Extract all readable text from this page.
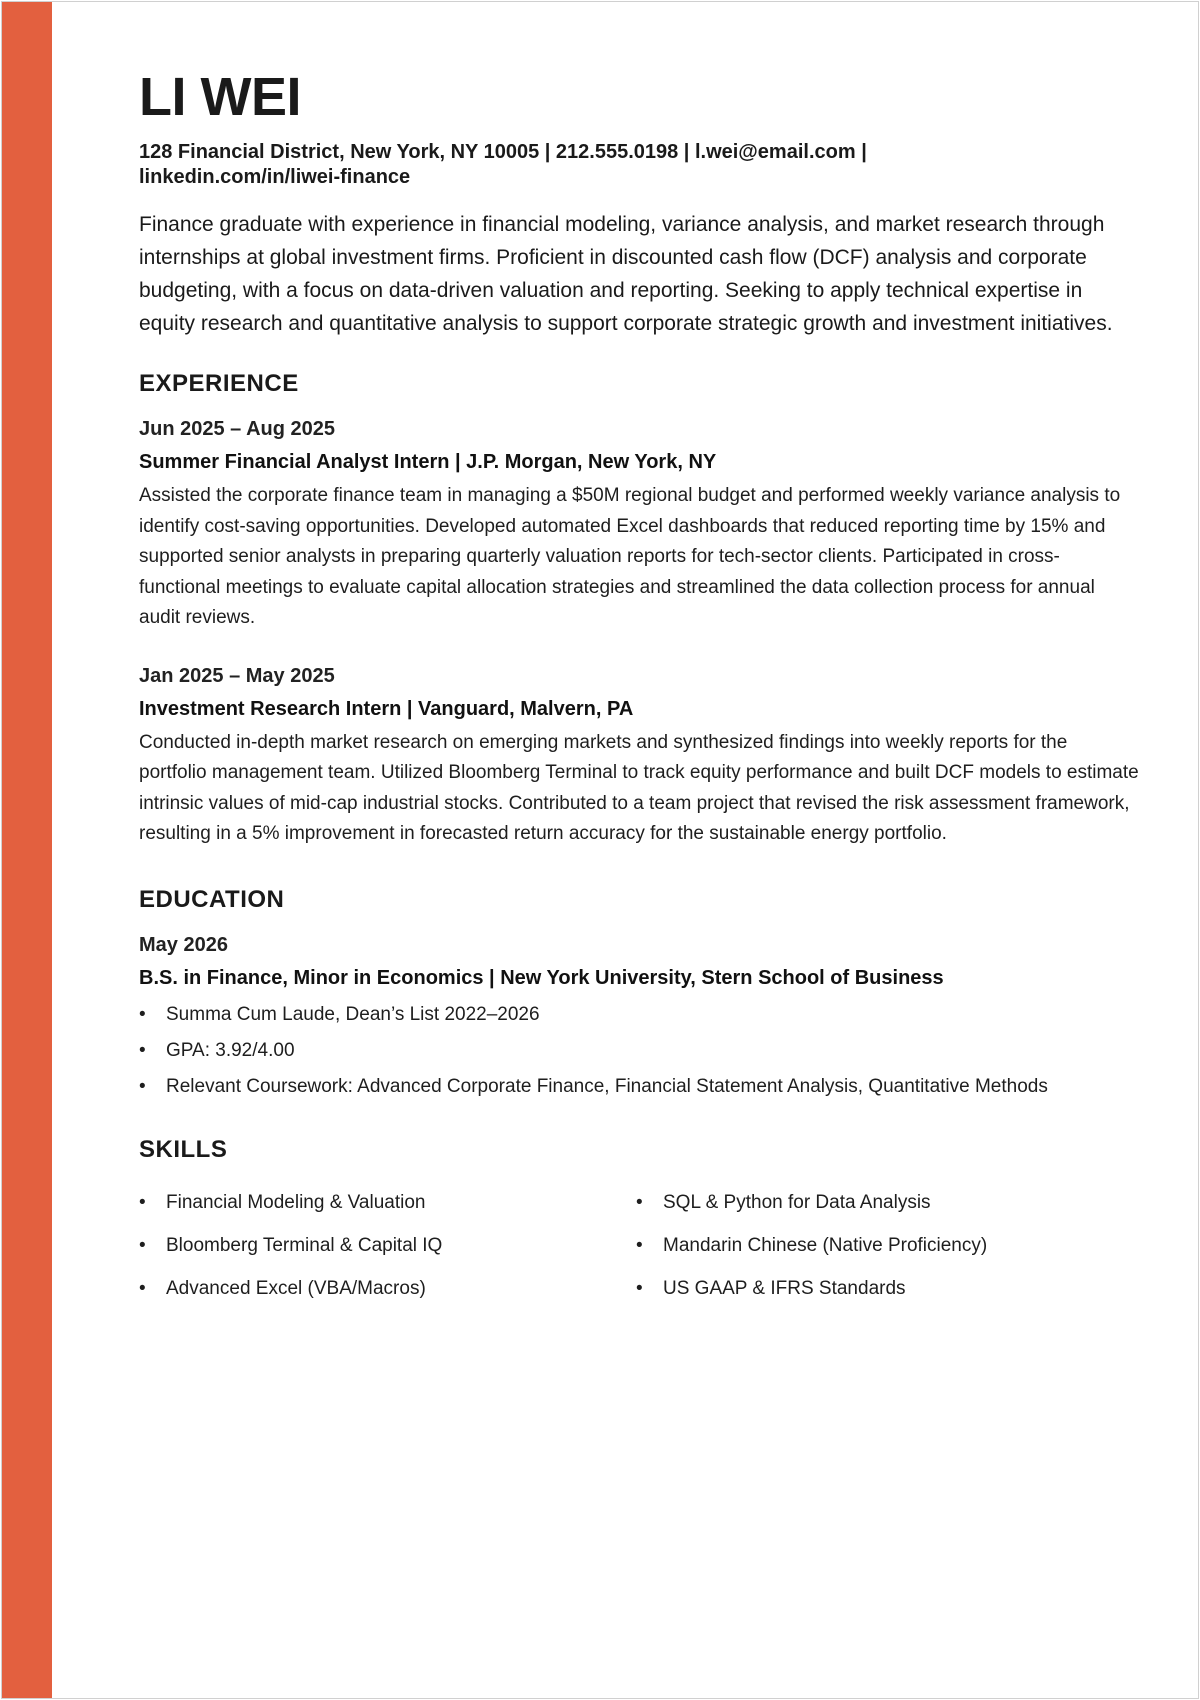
LI WEI
128 Financial District, New York, NY 10005 | 212.555.0198 | l.wei@email.com | linkedin.com/in/liwei-finance

Finance graduate with experience in financial modeling, variance analysis, and market research through internships at global investment firms. Proficient in discounted cash flow (DCF) analysis and corporate budgeting, with a focus on data-driven valuation and reporting. Seeking to apply technical expertise in equity research and quantitative analysis to support corporate strategic growth and investment initiatives.

EXPERIENCE
Jun 2025 – Aug 2025
Summer Financial Analyst Intern | J.P. Morgan, New York, NY

Assisted the corporate finance team in managing a $50M regional budget and performed weekly variance analysis to identify cost-saving opportunities. Developed automated Excel dashboards that reduced reporting time by 15% and supported senior analysts in preparing quarterly valuation reports for tech-sector clients. Participated in cross-functional meetings to evaluate capital allocation strategies and streamlined the data collection process for annual audit reviews.

Jan 2025 – May 2025
Investment Research Intern | Vanguard, Malvern, PA

Conducted in-depth market research on emerging markets and synthesized findings into weekly reports for the portfolio management team. Utilized Bloomberg Terminal to track equity performance and built DCF models to estimate intrinsic values of mid-cap industrial stocks. Contributed to a team project that revised the risk assessment framework, resulting in a 5% improvement in forecasted return accuracy for the sustainable energy portfolio.

EDUCATION
May 2026
B.S. in Finance, Minor in Economics | New York University, Stern School of Business
• Summa Cum Laude, Dean’s List 2022–2026
• GPA: 3.92/4.00
• Relevant Coursework: Advanced Corporate Finance, Financial Statement Analysis, Quantitative Methods
SKILLS
• Financial Modeling & Valuation	• SQL & Python for Data Analysis
• Bloomberg Terminal & Capital IQ	• Mandarin Chinese (Native Proficiency)
• Advanced Excel (VBA/Macros)	• US GAAP & IFRS Standards
